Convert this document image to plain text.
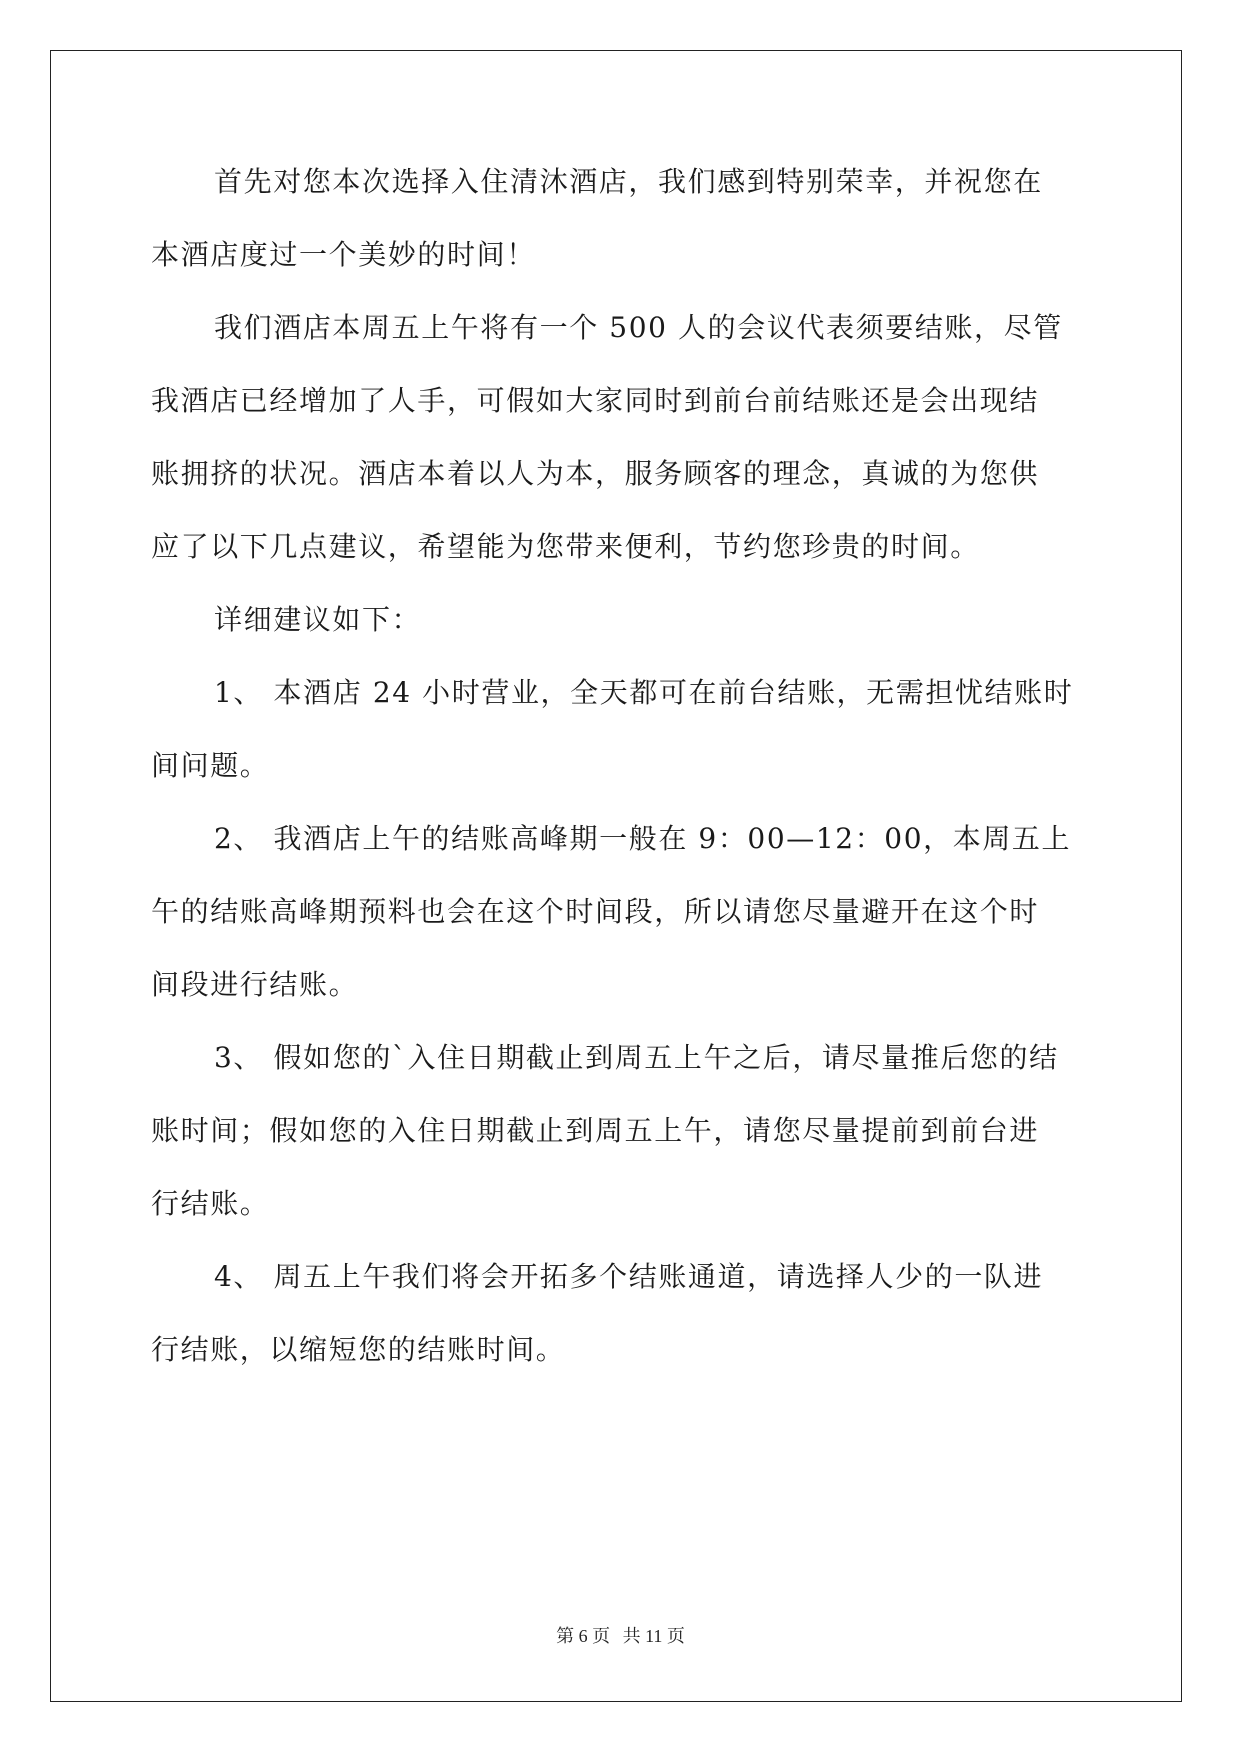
首先对您本次选择入住清沐酒店，我们感到特别荣幸，并祝您在
本酒店度过一个美妙的时间！
我们酒店本周五上午将有一个 500 人的会议代表须要结账，尽管
我酒店已经增加了人手，可假如大家同时到前台前结账还是会出现结
账拥挤的状况。酒店本着以人为本，服务顾客的理念，真诚的为您供
应了以下几点建议，希望能为您带来便利，节约您珍贵的时间。
详细建议如下：
1、 本酒店 24 小时营业，全天都可在前台结账，无需担忧结账时
间问题。
2、 我酒店上午的结账高峰期一般在 9：00—12：00，本周五上
午的结账高峰期预料也会在这个时间段，所以请您尽量避开在这个时
间段进行结账。
3、 假如您的`入住日期截止到周五上午之后，请尽量推后您的结
账时间；假如您的入住日期截止到周五上午，请您尽量提前到前台进
行结账。
4、 周五上午我们将会开拓多个结账通道，请选择人少的一队进
行结账，以缩短您的结账时间。
第 6 页 共 11 页
